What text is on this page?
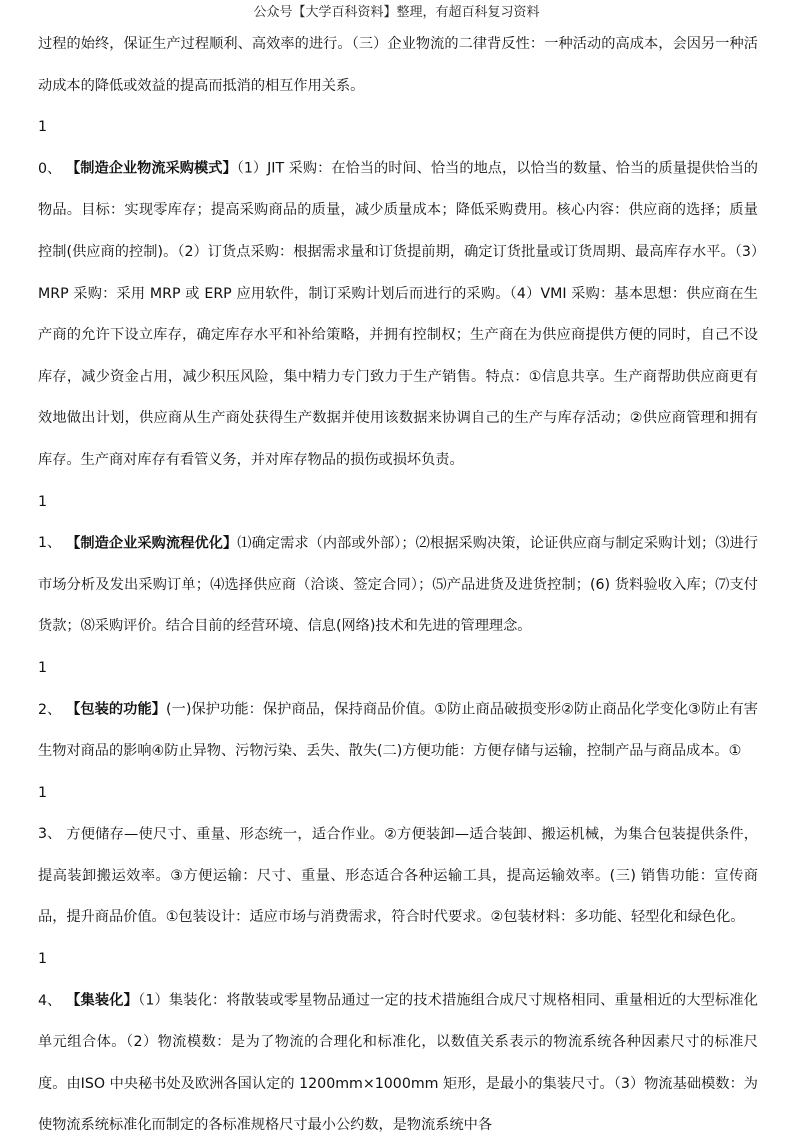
公众号【大学百科资料】整理，有超百科复习资料

过程的始终，保证生产过程顺利、高效率的进行。（三）企业物流的二律背反性：一种活动的高成本，会因另一种活动成本的降低或效益的提高而抵消的相互作用关系。

10、 【制造企业物流采购模式】（1）JIT 采购：在恰当的时间、恰当的地点，以恰当的数量、恰当的质量提供恰当的物品。目标：实现零库存；提高采购商品的质量，减少质量成本；降低采购费用。核心内容：供应商的选择；质量控制(供应商的控制)。（2）订货点采购：根据需求量和订货提前期，确定订货批量或订货周期、最高库存水平。（3）MRP 采购：采用 MRP 或 ERP 应用软件，制订采购计划后而进行的采购。（4）VMI 采购：基本思想：供应商在生产商的允许下设立库存，确定库存水平和补给策略，并拥有控制权；生产商在为供应商提供方便的同时，自己不设库存，减少资金占用，减少积压风险，集中精力专门致力于生产销售。特点：①信息共享。生产商帮助供应商更有效地做出计划，供应商从生产商处获得生产数据并使用该数据来协调自己的生产与库存活动；②供应商管理和拥有库存。生产商对库存有看管义务，并对库存物品的损伤或损坏负责。

11、 【制造企业采购流程优化】⑴确定需求（内部或外部）；⑵根据采购决策，论证供应商与制定采购计划；⑶进行市场分析及发出采购订单；⑷选择供应商（洽谈、签定合同）；⑸产品进货及进货控制；(6) 货料验收入库；⑺支付货款；⑻采购评价。结合目前的经营环境、信息(网络)技术和先进的管理理念。

12、 【包装的功能】(一)保护功能：保护商品，保持商品价值。①防止商品破损变形②防止商品化学变化③防止有害生物对商品的影响④防止异物、污物污染、丢失、散失(二)方便功能：方便存储与运输，控制产品与商品成本。①

13、 方便储存—使尺寸、重量、形态统一，适合作业。②方便装卸—适合装卸、搬运机械，为集合包装提供条件，提高装卸搬运效率。③方便运输：尺寸、重量、形态适合各种运输工具，提高运输效率。(三) 销售功能：宣传商品，提升商品价值。①包装设计：适应市场与消费需求，符合时代要求。②包装材料：多功能、轻型化和绿色化。

14、 【集装化】（1）集装化：将散装或零星物品通过一定的技术措施组合成尺寸规格相同、重量相近的大型标准化单元组合体。（2）物流模数：是为了物流的合理化和标准化，以数值关系表示的物流系统各种因素尺寸的标准尺度。由ISO 中央秘书处及欧洲各国认定的 1200mm×1000mm 矩形，是最小的集装尺寸。（3）物流基础模数：为使物流系统标准化而制定的各标准规格尺寸最小公约数，是物流系统中各
